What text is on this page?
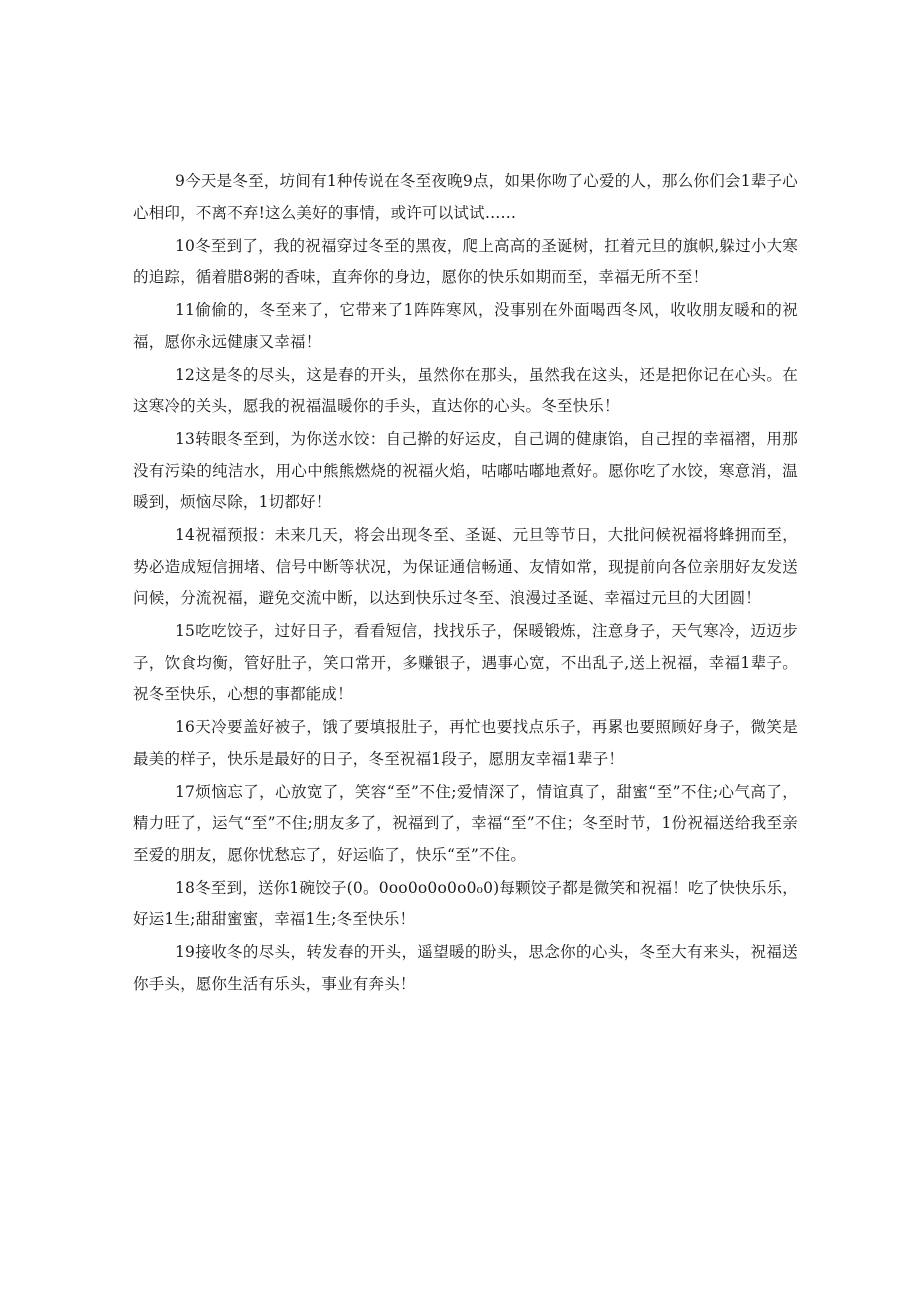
9今天是冬至，坊间有1种传说在冬至夜晚9点，如果你吻了心爱的人，那么你们会1辈子心心相印，不离不弃!这么美好的事情，或许可以试试……

10冬至到了，我的祝福穿过冬至的黑夜，爬上高高的圣诞树，扛着元旦的旗帜,躲过小大寒的追踪，循着腊8粥的香味，直奔你的身边，愿你的快乐如期而至，幸福无所不至！

11偷偷的，冬至来了，它带来了1阵阵寒风，没事别在外面喝西冬风，收收朋友暖和的祝福，愿你永远健康又幸福！

12这是冬的尽头，这是春的开头，虽然你在那头，虽然我在这头，还是把你记在心头。在这寒冷的关头，愿我的祝福温暖你的手头，直达你的心头。冬至快乐！

13转眼冬至到，为你送水饺：自己擀的好运皮，自己调的健康馅，自己捏的幸福褶，用那没有污染的纯洁水，用心中熊熊燃烧的祝福火焰，咕嘟咕嘟地煮好。愿你吃了水饺，寒意消，温暖到，烦恼尽除，1切都好！

14祝福预报：未来几天，将会出现冬至、圣诞、元旦等节日，大批问候祝福将蜂拥而至，势必造成短信拥堵、信号中断等状况，为保证通信畅通、友情如常，现提前向各位亲朋好友发送问候，分流祝福，避免交流中断，以达到快乐过冬至、浪漫过圣诞、幸福过元旦的大团圆！

15吃吃饺子，过好日子，看看短信，找找乐子，保暖锻炼，注意身子，天气寒冷，迈迈步子，饮食均衡，管好肚子，笑口常开，多赚银子，遇事心宽，不出乱子,送上祝福，幸福1辈子。祝冬至快乐，心想的事都能成！

16天冷要盖好被子，饿了要填报肚子，再忙也要找点乐子，再累也要照顾好身子，微笑是最美的样子，快乐是最好的日子，冬至祝福1段子，愿朋友幸福1辈子！

17烦恼忘了，心放宽了，笑容“至”不住;爱情深了，情谊真了，甜蜜“至”不住;心气高了，精力旺了，运气“至”不住;朋友多了，祝福到了，幸福“至”不住；冬至时节，1份祝福送给我至亲至爱的朋友，愿你忧愁忘了，好运临了，快乐“至”不住。

18冬至到，送你1碗饺子(0。0oo0o0o0o0₀0)每颗饺子都是微笑和祝福！吃了快快乐乐，好运1生;甜甜蜜蜜，幸福1生;冬至快乐！

19接收冬的尽头，转发春的开头，遥望暖的盼头，思念你的心头，冬至大有来头，祝福送你手头，愿你生活有乐头，事业有奔头！
